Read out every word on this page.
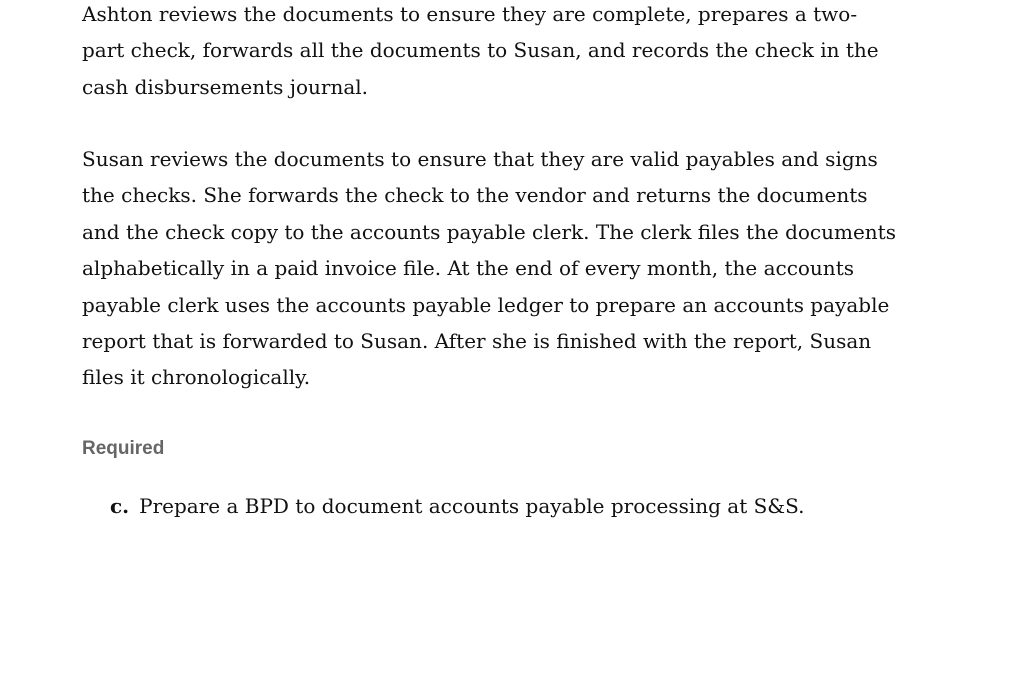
Ashton reviews the documents to ensure they are complete, prepares a two-
part check, forwards all the documents to Susan, and records the check in the
cash disbursements journal.

Susan reviews the documents to ensure that they are valid payables and signs
the checks. She forwards the check to the vendor and returns the documents
and the check copy to the accounts payable clerk. The clerk files the documents
alphabetically in a paid invoice file. At the end of every month, the accounts
payable clerk uses the accounts payable ledger to prepare an accounts payable
report that is forwarded to Susan. After she is finished with the report, Susan
files it chronologically.

Required
c. Prepare a BPD to document accounts payable processing at S&S.
